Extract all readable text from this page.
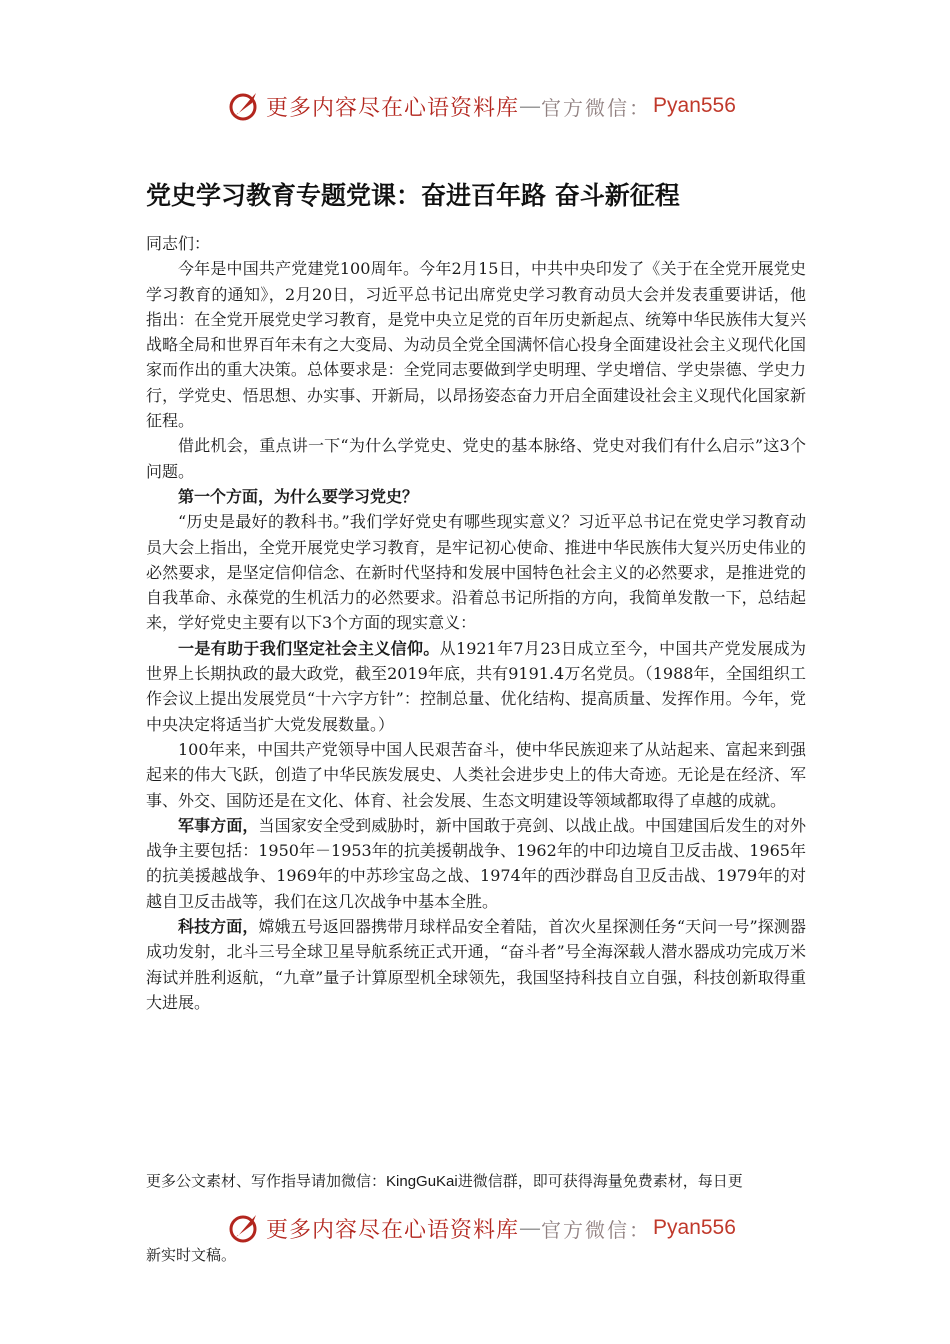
更多内容尽在心语资料库 — 官方微信： Pyan556
党史学习教育专题党课：奋进百年路 奋斗新征程

同志们：

今年是中国共产党建党100周年。今年2月15日，中共中央印发了《关于在全党开展党史学习教育的通知》，2月20日，习近平总书记出席党史学习教育动员大会并发表重要讲话，他指出：在全党开展党史学习教育，是党中央立足党的百年历史新起点、统筹中华民族伟大复兴战略全局和世界百年未有之大变局、为动员全党全国满怀信心投身全面建设社会主义现代化国家而作出的重大决策。总体要求是：全党同志要做到学史明理、学史增信、学史崇德、学史力行，学党史、悟思想、办实事、开新局，以昂扬姿态奋力开启全面建设社会主义现代化国家新征程。

借此机会，重点讲一下“为什么学党史、党史的基本脉络、党史对我们有什么启示”这3个问题。

第一个方面，为什么要学习党史？

“历史是最好的教科书。”我们学好党史有哪些现实意义？习近平总书记在党史学习教育动员大会上指出，全党开展党史学习教育，是牢记初心使命、推进中华民族伟大复兴历史伟业的必然要求，是坚定信仰信念、在新时代坚持和发展中国特色社会主义的必然要求，是推进党的自我革命、永葆党的生机活力的必然要求。沿着总书记所指的方向，我简单发散一下，总结起来，学好党史主要有以下3个方面的现实意义：

一是有助于我们坚定社会主义信仰。从1921年7月23日成立至今，中国共产党发展成为世界上长期执政的最大政党，截至2019年底，共有9191.4万名党员。（1988年，全国组织工作会议上提出发展党员“十六字方针”：控制总量、优化结构、提高质量、发挥作用。今年，党中央决定将适当扩大党发展数量。）

100年来，中国共产党领导中国人民艰苦奋斗，使中华民族迎来了从站起来、富起来到强起来的伟大飞跃，创造了中华民族发展史、人类社会进步史上的伟大奇迹。无论是在经济、军事、外交、国防还是在文化、体育、社会发展、生态文明建设等领域都取得了卓越的成就。

军事方面，当国家安全受到威胁时，新中国敢于亮剑、以战止战。中国建国后发生的对外战争主要包括：1950年－1953年的抗美援朝战争、1962年的中印边境自卫反击战、1965年的抗美援越战争、1969年的中苏珍宝岛之战、1974年的西沙群岛自卫反击战、1979年的对越自卫反击战等，我们在这几次战争中基本全胜。

科技方面，嫦娥五号返回器携带月球样品安全着陆，首次火星探测任务“天问一号”探测器成功发射，北斗三号全球卫星导航系统正式开通，“奋斗者”号全海深载人潜水器成功完成万米海试并胜利返航，“九章”量子计算原型机全球领先，我国坚持科技自立自强，科技创新取得重大进展。

更多公文素材、写作指导请加微信：KingGuKai进微信群，即可获得海量免费素材，每日更
更多内容尽在心语资料库 — 官方微信： Pyan556
新实时文稿。
